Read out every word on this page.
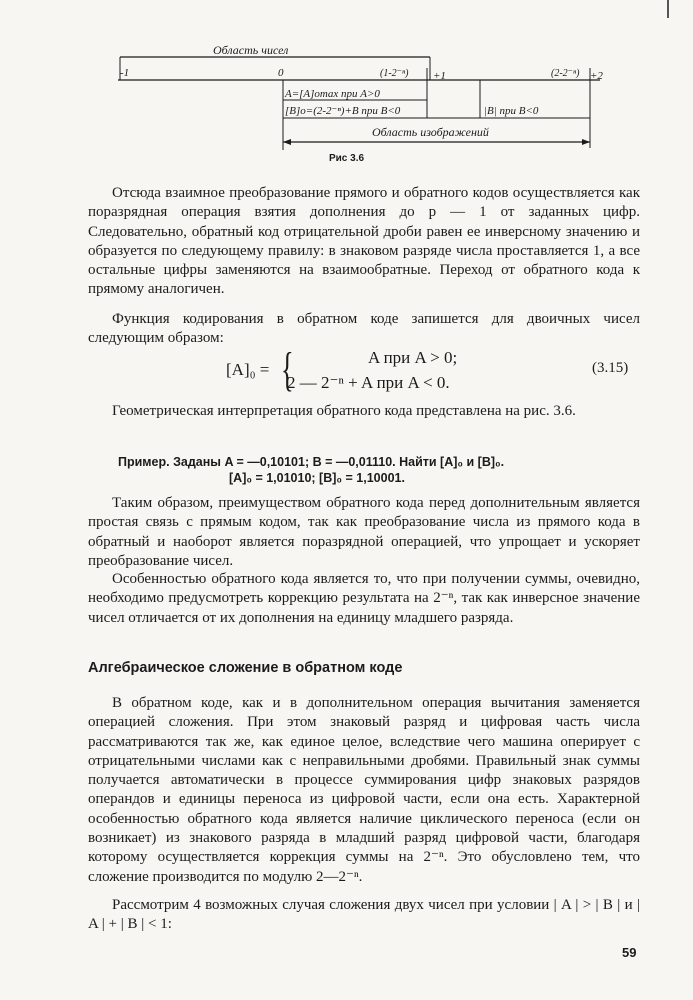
Область чисел
-1	0	(1-2⁻ⁿ) +1	(2-2⁻ⁿ) +2
A=[A]omax при A>0
[B]o=(2-2⁻ⁿ)+B при B<0	|B| при B<0
Область изображений
Рис 3.6

Отсюда взаимное преобразование прямого и обратного кодов осуществляется как поразрядная операция взятия дополнения до p — 1 от заданных цифр. Следовательно, обратный код отрицательной дроби равен ее инверсному значению и образуется по следующему правилу: в знаковом разряде числа проставляется 1, а все остальные цифры заменяются на взаимообратные. Переход от обратного кода к прямому аналогичен.

Функция кодирования в обратном коде запишется для двоичных чисел следующим образом:

[A]₀ = {	A при A > 0;
2 — 2⁻ⁿ + A при A < 0.
(3.15)

Геометрическая интерпретация обратного кода представлена на рис. 3.6.

Пример. Заданы A = —0,10101; B = —0,01110. Найти [A]₀ и [B]₀.
[A]₀ = 1,01010; [B]₀ = 1,10001.

Таким образом, преимуществом обратного кода перед дополнительным является простая связь с прямым кодом, так как преобразование числа из прямого кода в обратный и наоборот является поразрядной операцией, что упрощает и ускоряет преобразование чисел.

Особенностью обратного кода является то, что при получении суммы, очевидно, необходимо предусмотреть коррекцию результата на 2⁻ⁿ, так как инверсное значение чисел отличается от их дополнения на единицу младшего разряда.

Алгебраическое сложение в обратном коде

В обратном коде, как и в дополнительном операция вычитания заменяется операцией сложения. При этом знаковый разряд и цифровая часть числа рассматриваются так же, как единое целое, вследствие чего машина оперирует с отрицательными числами как с неправильными дробями. Правильный знак суммы получается автоматически в процессе суммирования цифр знаковых разрядов операндов и единицы переноса из цифровой части, если она есть. Характерной особенностью обратного кода является наличие циклического переноса (если он возникает) из знакового разряда в младший разряд цифровой части, благодаря которому осуществляется коррекция суммы на 2⁻ⁿ. Это обусловлено тем, что сложение производится по модулю 2—2⁻ⁿ.

Рассмотрим 4 возможных случая сложения двух чисел при условии | A | > | B | и | A | + | B | < 1:

59
